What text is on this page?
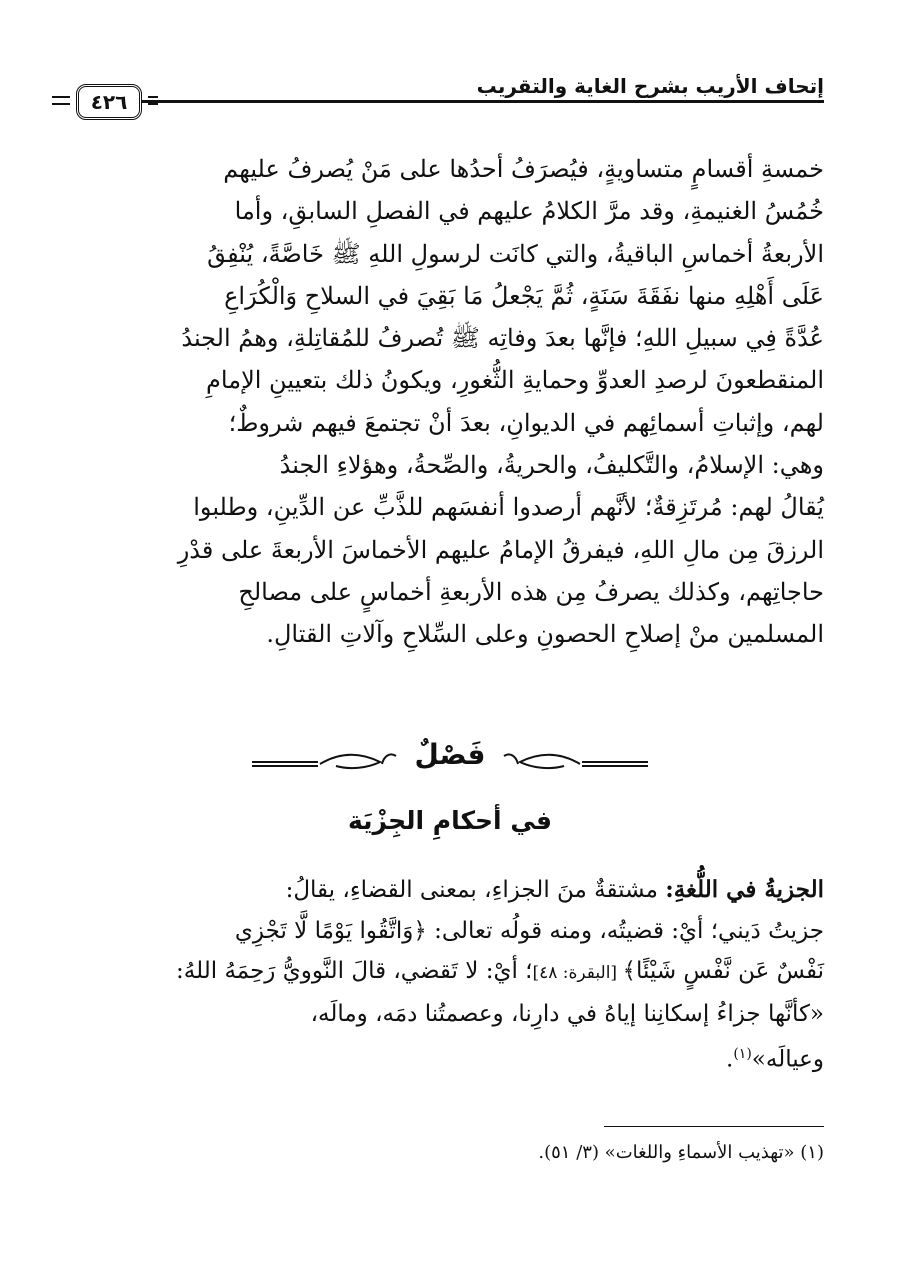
إتحاف الأريب بشرح الغاية والتقريب
٤٢٦

خمسةِ أقسامٍ متساويةٍ، فيُصرَفُ أحدُها على مَنْ يُصرفُ عليهم

خُمُسُ الغنيمةِ، وقد مرَّ الكلامُ عليهم في الفصلِ السابقِ، وأما

الأربعةُ أخماسِ الباقيةُ، والتي كانَت لرسولِ اللهِ ﷺ خَاصَّةً، يُنْفِقُ

عَلَى أَهْلِهِ منها نفَقَةَ سَنَةٍ، ثُمَّ يَجْعلُ مَا بَقِيَ في السلاحِ وَالْكُرَاعِ

عُدَّةً فِي سبيلِ اللهِ؛ فإنَّها بعدَ وفاتِه ﷺ تُصرفُ للمُقاتِلةِ، وهمُ الجندُ

المنقطعونَ لرصدِ العدوِّ وحمايةِ الثُّغورِ، ويكونُ ذلك بتعيينِ الإمامِ

لهم، وإثباتِ أسمائِهم في الديوانِ، بعدَ أنْ تجتمعَ فيهم شروطٌ؛

وهي: الإسلامُ، والتَّكليفُ، والحريةُ، والصِّحةُ، وهؤلاءِ الجندُ

يُقالُ لهم: مُرتَزِقةٌ؛ لأنَّهم أرصدوا أنفسَهم للذَّبِّ عن الدِّينِ، وطلبوا

الرزقَ مِن مالِ اللهِ، فيفرقُ الإمامُ عليهم الأخماسَ الأربعةَ على قدْرِ

حاجاتِهم، وكذلك يصرفُ مِن هذه الأربعةِ أخماسٍ على مصالحِ

المسلمين منْ إصلاحِ الحصونِ وعلى السِّلاحِ وآلاتِ القتالِ.

فَصْلٌ
في أحكامِ الجِزْيَة

الجزيةُ في اللُّغةِ: مشتقةٌ منَ الجزاءِ، بمعنى القضاءِ، يقالُ:

جزيتُ دَيني؛ أيْ: قضيتُه، ومنه قولُه تعالى: ﴿وَاتَّقُوا يَوْمًا لَّا تَجْزِي

نَفْسٌ عَن نَّفْسٍ شَيْئًا﴾ [البقرة: ٤٨]؛ أيْ: لا تَقضي، قالَ النَّوويُّ رَحِمَهُ اللهُ:

«كأنَّها جزاءُ إسكانِنا إياهُ في دارِنا، وعصمتُنا دمَه، ومالَه،

وعيالَه»$^{(١)}$.

(١) «تهذيب الأسماءِ واللغات» (٣/ ٥١).
